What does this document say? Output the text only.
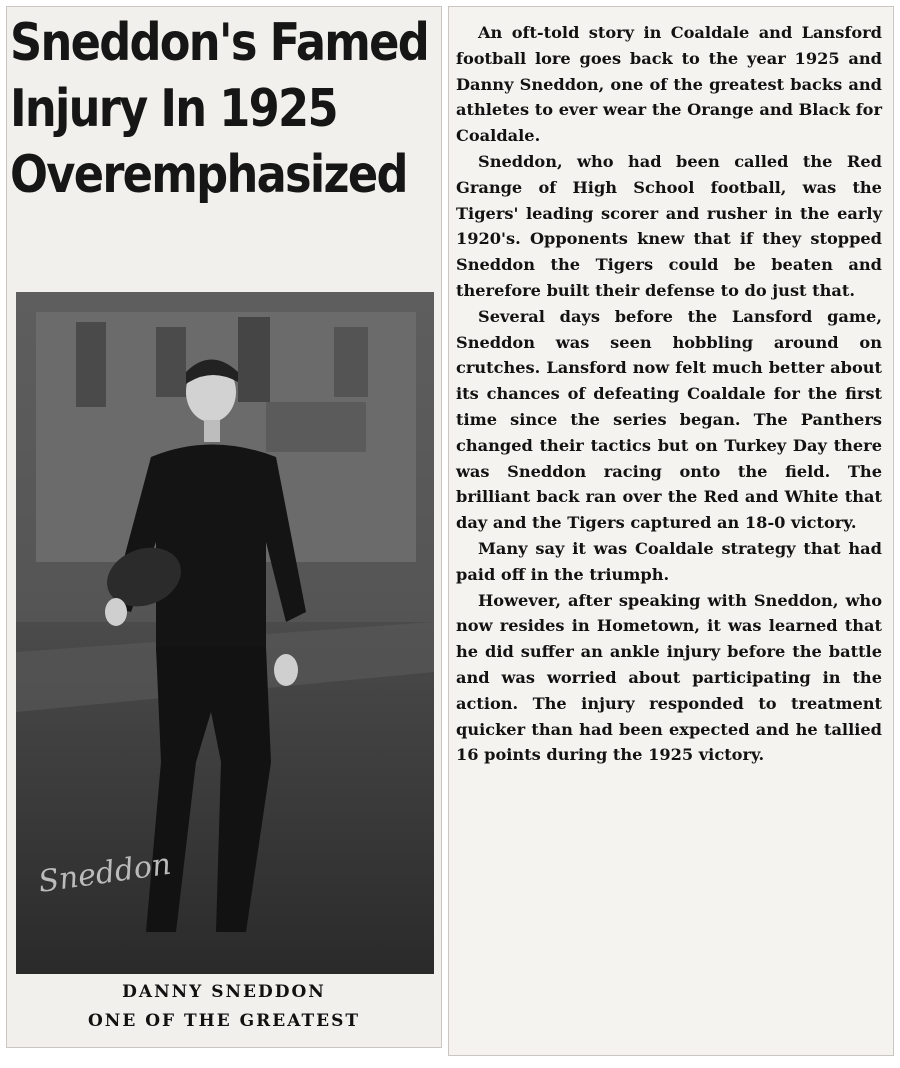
Sneddon's Famed
Injury In 1925
Overemphasized
Sneddon
DANNY SNEDDON
ONE OF THE GREATEST

An oft-told story in Coaldale and Lansford football lore goes back to the year 1925 and Danny Sneddon, one of the greatest backs and athletes to ever wear the Orange and Black for Coaldale.

Sneddon, who had been called the Red Grange of High School football, was the Tigers' leading scorer and rusher in the early 1920's. Opponents knew that if they stopped Sneddon the Tigers could be beaten and therefore built their defense to do just that.

Several days before the Lansford game, Sneddon was seen hobbling around on crutches. Lansford now felt much better about its chances of defeating Coaldale for the first time since the series began. The Panthers changed their tactics but on Turkey Day there was Sneddon racing onto the field. The brilliant back ran over the Red and White that day and the Tigers captured an 18-0 victory.

Many say it was Coaldale strategy that had paid off in the triumph.

However, after speaking with Sneddon, who now resides in Hometown, it was learned that he did suffer an ankle injury before the battle and was worried about participating in the action. The injury responded to treatment quicker than had been expected and he tallied 16 points during the 1925 victory.
